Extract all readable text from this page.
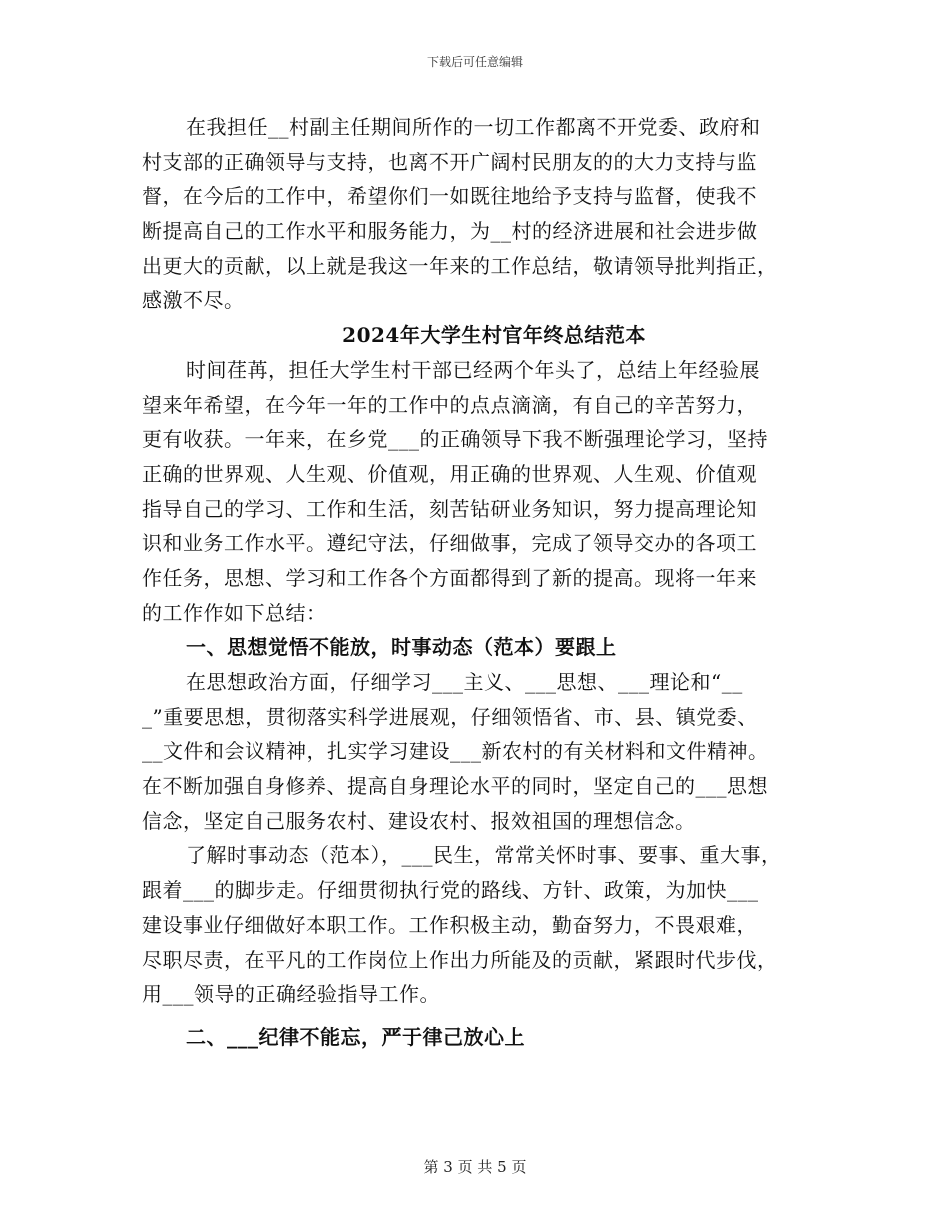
下载后可任意编辑
在我担任__村副主任期间所作的一切工作都离不开党委、政府和
村支部的正确领导与支持，也离不开广阔村民朋友的的大力支持与监
督，在今后的工作中，希望你们一如既往地给予支持与监督，使我不
断提高自己的工作水平和服务能力，为__村的经济进展和社会进步做
出更大的贡献，以上就是我这一年来的工作总结，敬请领导批判指正，
感激不尽。
2024年大学生村官年终总结范本
时间荏苒，担任大学生村干部已经两个年头了，总结上年经验展
望来年希望，在今年一年的工作中的点点滴滴，有自己的辛苦努力，
更有收获。一年来，在乡党___的正确领导下我不断强理论学习，坚持
正确的世界观、人生观、价值观，用正确的世界观、人生观、价值观
指导自己的学习、工作和生活，刻苦钻研业务知识，努力提高理论知
识和业务工作水平。遵纪守法，仔细做事，完成了领导交办的各项工
作任务，思想、学习和工作各个方面都得到了新的提高。现将一年来
的工作作如下总结：
一、思想觉悟不能放，时事动态（范本）要跟上
在思想政治方面，仔细学习___主义、___思想、___理论和“__
_”重要思想，贯彻落实科学进展观，仔细领悟省、市、县、镇党委、
__文件和会议精神，扎实学习建设___新农村的有关材料和文件精神。
在不断加强自身修养、提高自身理论水平的同时，坚定自己的___思想
信念，坚定自己服务农村、建设农村、报效祖国的理想信念。
了解时事动态（范本），___民生，常常关怀时事、要事、重大事，
跟着___的脚步走。仔细贯彻执行党的路线、方针、政策，为加快___
建设事业仔细做好本职工作。工作积极主动，勤奋努力，不畏艰难，
尽职尽责，在平凡的工作岗位上作出力所能及的贡献，紧跟时代步伐，
用___领导的正确经验指导工作。
二、___纪律不能忘，严于律己放心上
第 3 页 共 5 页
